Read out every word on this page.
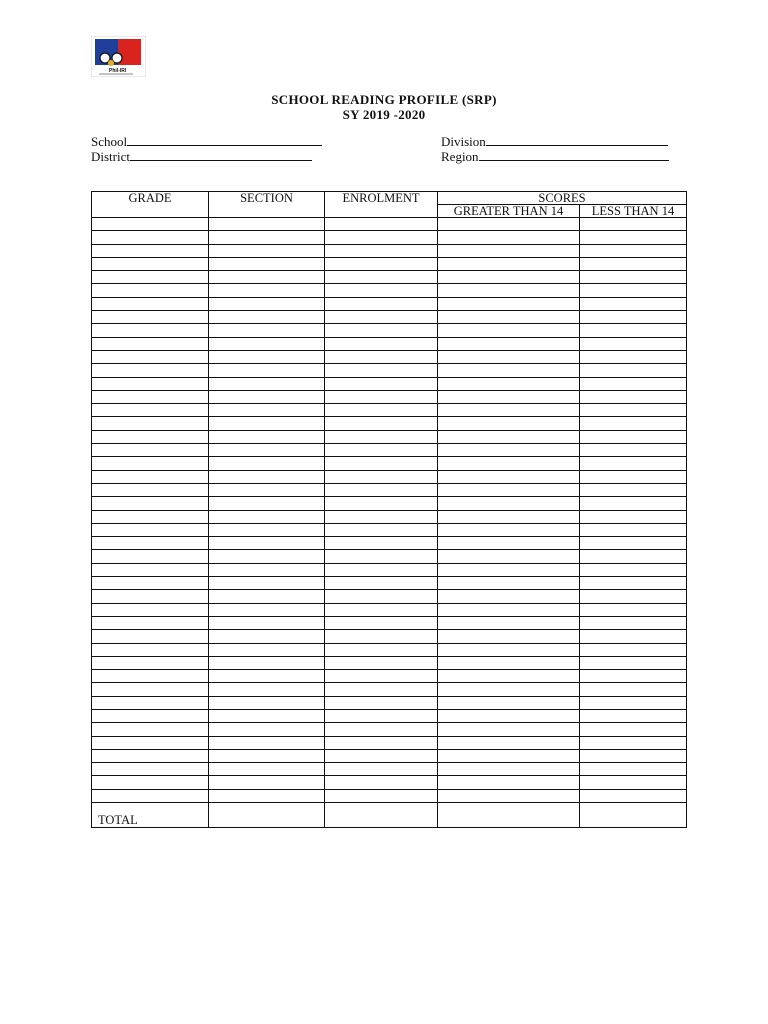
Phil-IRI
SCHOOL READING PROFILE (SRP)
SY 2019 -2020
School
District
Division
Region
GRADE	SECTION	ENROLMENT	SCORES	
			GREATER THAN 14	LESS THAN 14

TOTAL				
